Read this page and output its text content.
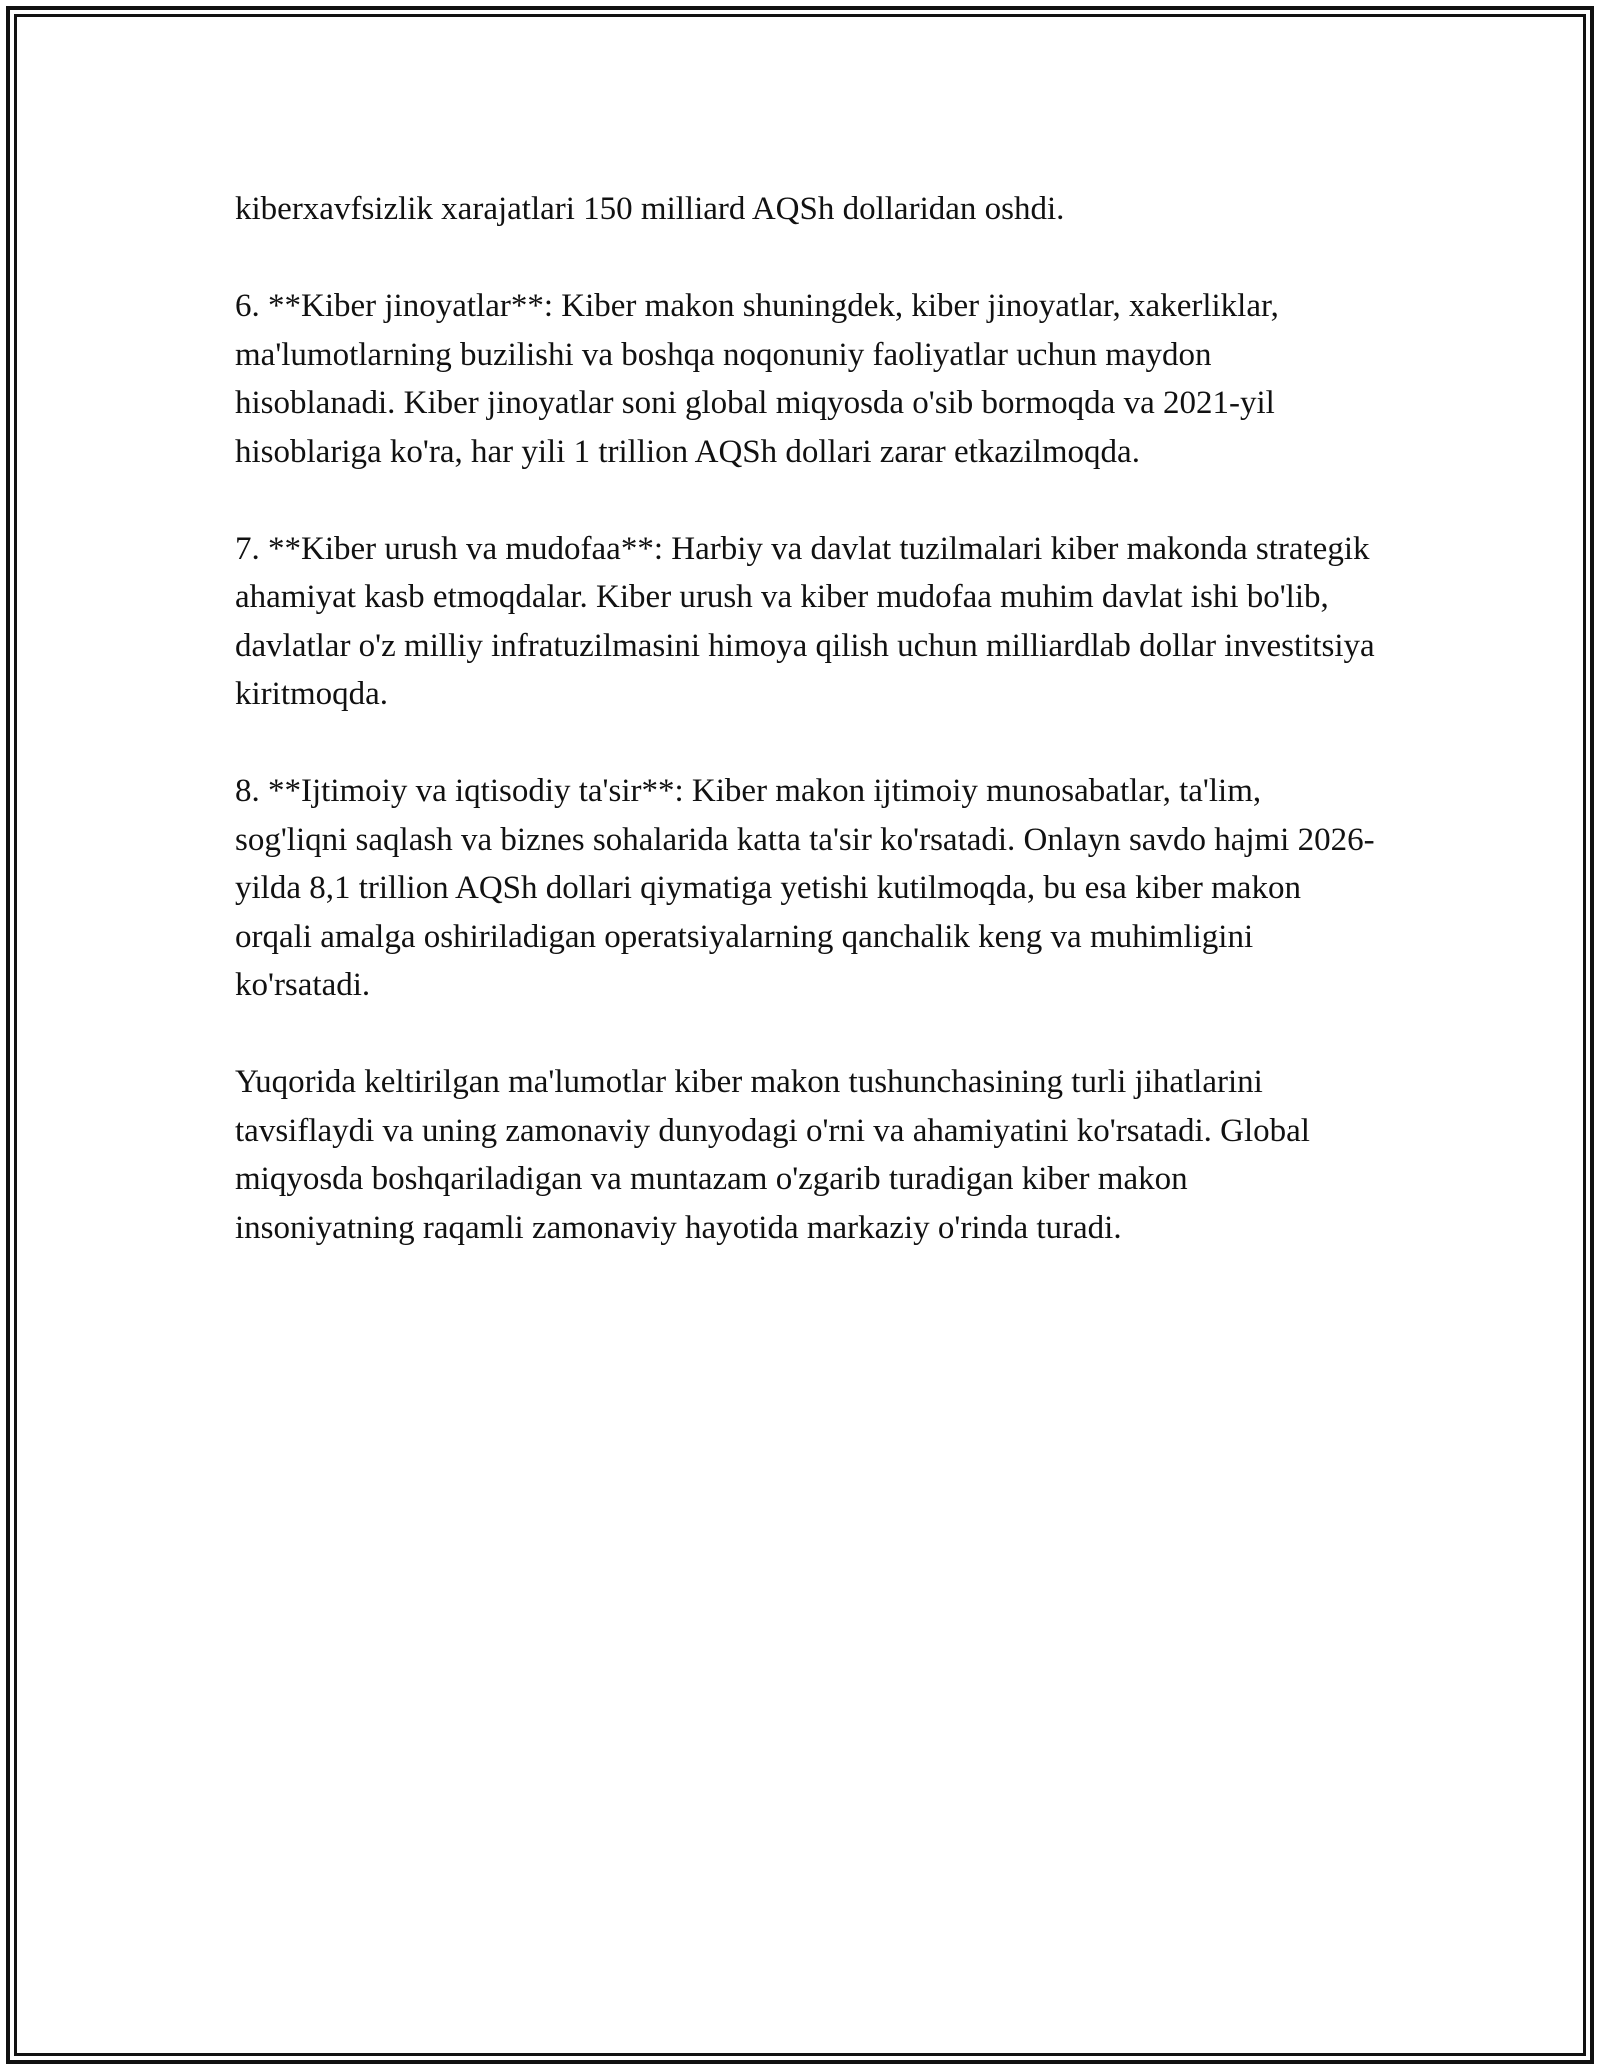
kiberxavfsizlik xarajatlari 150 milliard AQSh dollaridan oshdi.

6. **Kiber jinoyatlar**: Kiber makon shuningdek, kiber jinoyatlar, xakerliklar, ma'lumotlarning buzilishi va boshqa noqonuniy faoliyatlar uchun maydon hisoblanadi. Kiber jinoyatlar soni global miqyosda o'sib bormoqda va 2021-yil hisoblariga ko'ra, har yili 1 trillion AQSh dollari zarar etkazilmoqda.

7. **Kiber urush va mudofaa**: Harbiy va davlat tuzilmalari kiber makonda strategik ahamiyat kasb etmoqdalar. Kiber urush va kiber mudofaa muhim davlat ishi bo'lib, davlatlar o'z milliy infratuzilmasini himoya qilish uchun milliardlab dollar investitsiya kiritmoqda.

8. **Ijtimoiy va iqtisodiy ta'sir**: Kiber makon ijtimoiy munosabatlar, ta'lim, sog'liqni saqlash va biznes sohalarida katta ta'sir ko'rsatadi. Onlayn savdo hajmi 2026-yilda 8,1 trillion AQSh dollari qiymatiga yetishi kutilmoqda, bu esa kiber makon orqali amalga oshiriladigan operatsiyalarning qanchalik keng va muhimligini ko'rsatadi.

Yuqorida keltirilgan ma'lumotlar kiber makon tushunchasining turli jihatlarini tavsiflaydi va uning zamonaviy dunyodagi o'rni va ahamiyatini ko'rsatadi. Global miqyosda boshqariladigan va muntazam o'zgarib turadigan kiber makon insoniyatning raqamli zamonaviy hayotida markaziy o'rinda turadi.
